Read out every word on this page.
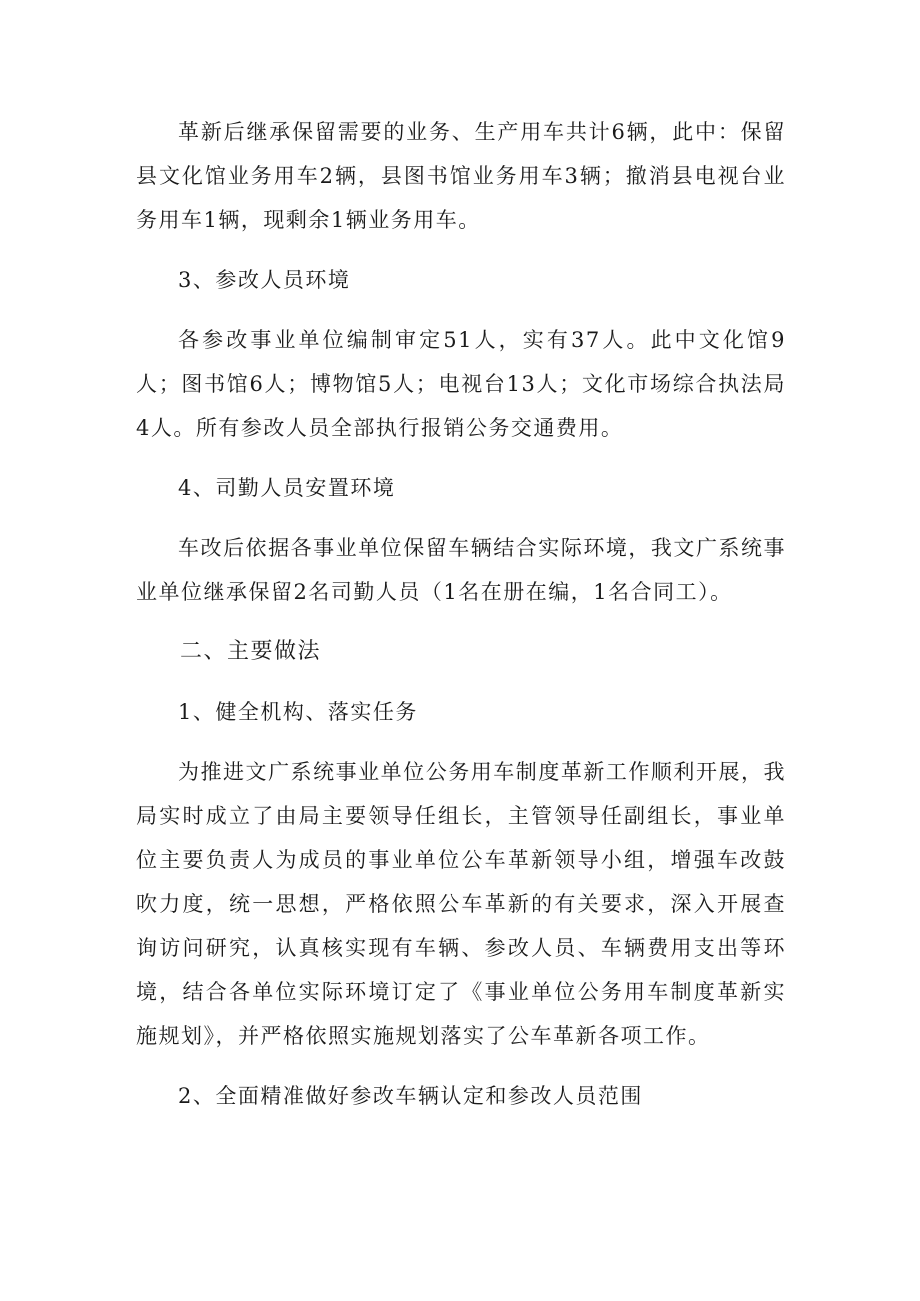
革新后继承保留需要的业务、生产用车共计6辆，此中：保留县文化馆业务用车2辆，县图书馆业务用车3辆；撤消县电视台业务用车1辆，现剩余1辆业务用车。

3、参改人员环境

各参改事业单位编制审定51人，实有37人。此中文化馆9人；图书馆6人；博物馆5人；电视台13人；文化市场综合执法局4人。所有参改人员全部执行报销公务交通费用。

4、司勤人员安置环境

车改后依据各事业单位保留车辆结合实际环境，我文广系统事业单位继承保留2名司勤人员（1名在册在编，1名合同工）。

二、主要做法

1、健全机构、落实任务

为推进文广系统事业单位公务用车制度革新工作顺利开展，我局实时成立了由局主要领导任组长，主管领导任副组长，事业单位主要负责人为成员的事业单位公车革新领导小组，增强车改鼓吹力度，统一思想，严格依照公车革新的有关要求，深入开展查询访问研究，认真核实现有车辆、参改人员、车辆费用支出等环境，结合各单位实际环境订定了《事业单位公务用车制度革新实施规划》，并严格依照实施规划落实了公车革新各项工作。

2、全面精准做好参改车辆认定和参改人员范围
